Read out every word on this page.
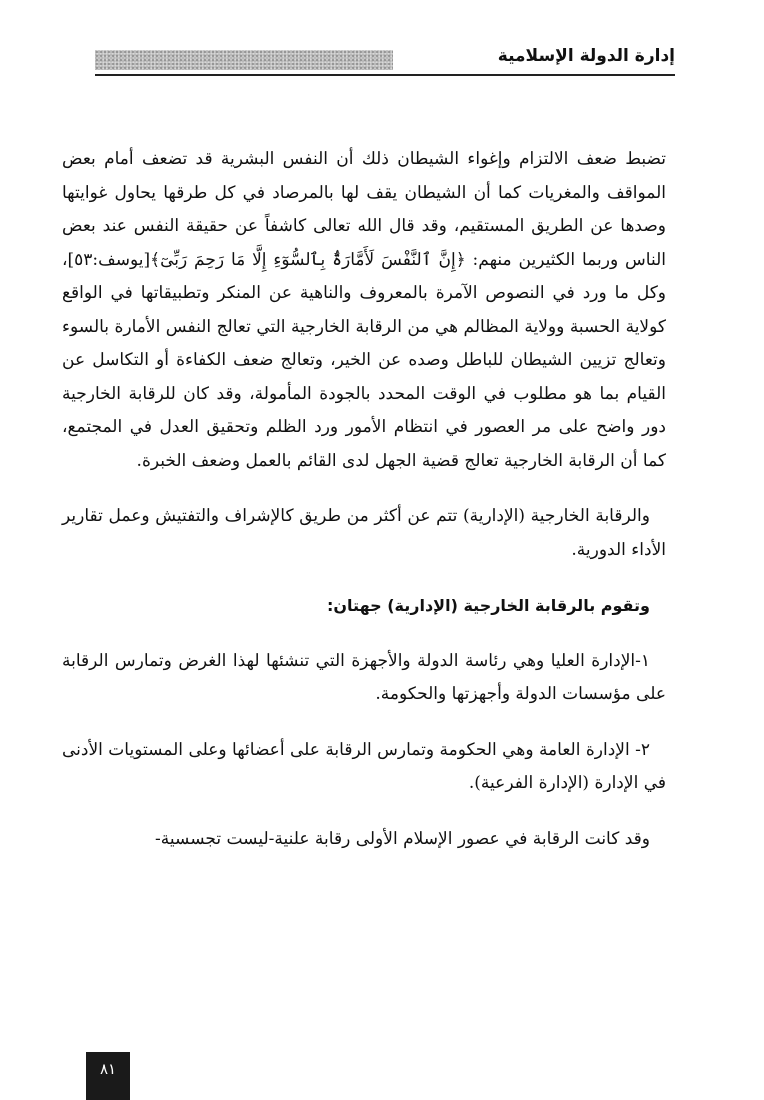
إدارة الدولة الإسلامية

تضبط ضعف الالتزام وإغواء الشيطان ذلك أن النفس البشرية قد تضعف أمام بعض المواقف والمغريات كما أن الشيطان يقف لها بالمرصاد في كل طرقها يحاول غوايتها وصدها عن الطريق المستقيم، وقد قال الله تعالى كاشفاً عن حقيقة النفس عند بعض الناس وربما الكثيرين منهم: ﴿إِنَّ ٱلنَّفْسَ لَأَمَّارَةٌۢ بِٱلسُّوٓءِ إِلَّا مَا رَحِمَ رَبِّىٓ﴾[يوسف:٥٣]، وكل ما ورد في النصوص الآمرة بالمعروف والناهية عن المنكر وتطبيقاتها في الواقع كولاية الحسبة وولاية المظالم هي من الرقابة الخارجية التي تعالج النفس الأمارة بالسوء وتعالج تزيين الشيطان للباطل وصده عن الخير، وتعالج ضعف الكفاءة أو التكاسل عن القيام بما هو مطلوب في الوقت المحدد بالجودة المأمولة، وقد كان للرقابة الخارجية دور واضح على مر العصور في انتظام الأمور ورد الظلم وتحقيق العدل في المجتمع، كما أن الرقابة الخارجية تعالج قضية الجهل لدى القائم بالعمل وضعف الخبرة.

والرقابة الخارجية (الإدارية) تتم عن أكثر من طريق كالإشراف والتفتيش وعمل تقارير الأداء الدورية.

وتقوم بالرقابة الخارجية (الإدارية) جهتان:

١-الإدارة العليا وهي رئاسة الدولة والأجهزة التي تنشئها لهذا الغرض وتمارس الرقابة على مؤسسات الدولة وأجهزتها والحكومة.

٢- الإدارة العامة وهي الحكومة وتمارس الرقابة على أعضائها وعلى المستويات الأدنى في الإدارة (الإدارة الفرعية).

وقد كانت الرقابة في عصور الإسلام الأولى رقابة علنية-ليست تجسسية-

٨١
